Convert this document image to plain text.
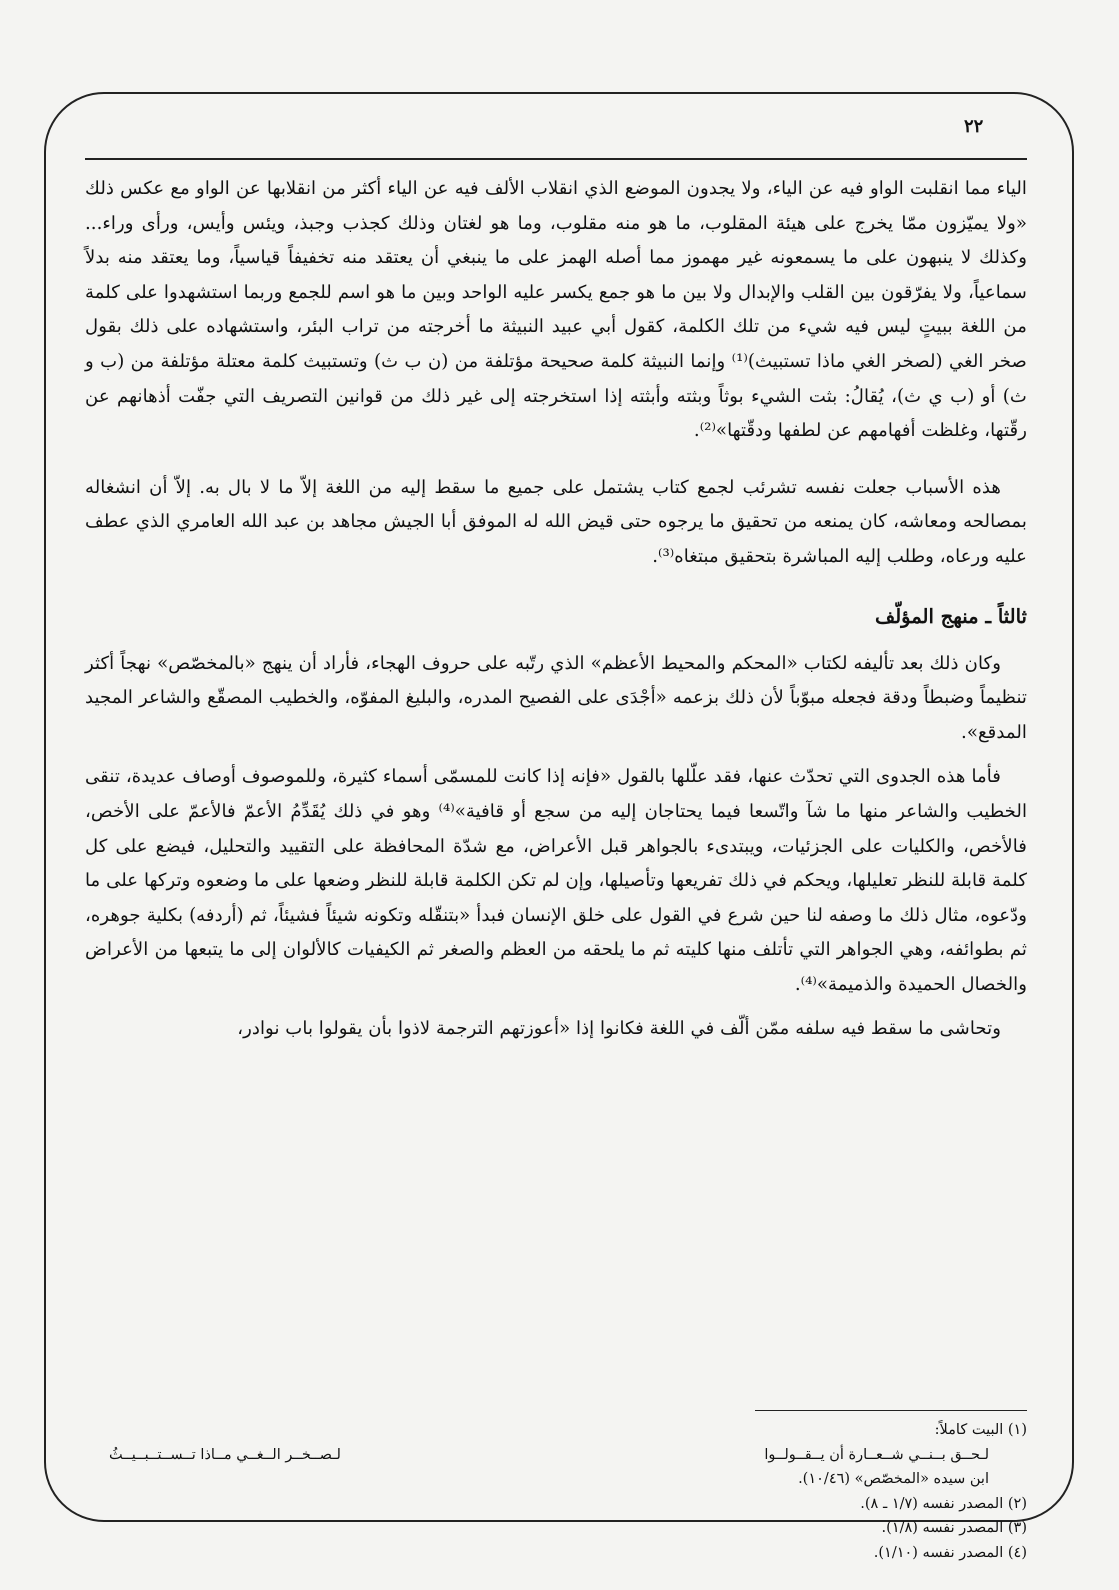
٢٢

الياء مما انقلبت الواو فيه عن الياء، ولا يجدون الموضع الذي انقلاب الألف فيه عن الياء أكثر من انقلابها عن الواو مع عكس ذلك «ولا يميّزون ممّا يخرج على هيئة المقلوب، ما هو منه مقلوب، وما هو لغتان وذلك كجذب وجبذ، ويئس وأيس، ورأى وراء... وكذلك لا ينبهون على ما يسمعونه غير مهموز مما أصله الهمز على ما ينبغي أن يعتقد منه تخفيفاً قياسياً، وما يعتقد منه بدلاً سماعياً، ولا يفرّقون بين القلب والإبدال ولا بين ما هو جمع يكسر عليه الواحد وبين ما هو اسم للجمع وربما استشهدوا على كلمة من اللغة ببيتٍ ليس فيه شيء من تلك الكلمة، كقول أبي عبيد النبيثة ما أخرجته من تراب البئر، واستشهاده على ذلك بقول صخر الغي (لصخر الغي ماذا تستبيث)⁽¹⁾ وإنما النبيثة كلمة صحيحة مؤتلفة من (ن ب ث) وتستبيث كلمة معتلة مؤتلفة من (ب و ث) أو (ب ي ث)، يُقالُ: بثت الشيء بوثاً وبثته وأبثته إذا استخرجته إلى غير ذلك من قوانين التصريف التي جفّت أذهانهم عن رقّتها، وغلظت أفهامهم عن لطفها ودقّتها»⁽²⁾.

هذه الأسباب جعلت نفسه تشرئب لجمع كتاب يشتمل على جميع ما سقط إليه من اللغة إلاّ ما لا بال به. إلاّ أن انشغاله بمصالحه ومعاشه، كان يمنعه من تحقيق ما يرجوه حتى قيض الله له الموفق أبا الجيش مجاهد بن عبد الله العامري الذي عطف عليه ورعاه، وطلب إليه المباشرة بتحقيق مبتغاه⁽³⁾.

ثالثاً ـ منهج المؤلّف

وكان ذلك بعد تأليفه لكتاب «المحكم والمحيط الأعظم» الذي رتّبه على حروف الهجاء، فأراد أن ينهج «بالمخصّص» نهجاً أكثر تنظيماً وضبطاً ودقة فجعله مبوّباً لأن ذلك بزعمه «أجْدَى على الفصيح المدره، والبليغ المفوّه، والخطيب المصقّع والشاعر المجيد المدقع».

فأما هذه الجدوى التي تحدّث عنها، فقد علّلها بالقول «فإنه إذا كانت للمسمّى أسماء كثيرة، وللموصوف أوصاف عديدة، تنقى الخطيب والشاعر منها ما شآ واتّسعا فيما يحتاجان إليه من سجع أو قافية»⁽⁴⁾ وهو في ذلك يُقَدِّمُ الأعمّ فالأعمّ على الأخص، فالأخص، والكليات على الجزئيات، ويبتدىء بالجواهر قبل الأعراض، مع شدّة المحافظة على التقييد والتحليل، فيضع على كل كلمة قابلة للنظر تعليلها، ويحكم في ذلك تفريعها وتأصيلها، وإن لم تكن الكلمة قابلة للنظر وضعها على ما وضعوه وتركها على ما ودّعوه، مثال ذلك ما وصفه لنا حين شرع في القول على خلق الإنسان فبدأ «بتنقّله وتكونه شيئاً فشيئاً، ثم (أردفه) بكلية جوهره، ثم بطوائفه، وهي الجواهر التي تأتلف منها كليته ثم ما يلحقه من العظم والصغر ثم الكيفيات كالألوان إلى ما يتبعها من الأعراض والخصال الحميدة والذميمة»⁽⁴⁾.

وتحاشى ما سقط فيه سلفه ممّن ألّف في اللغة فكانوا إذا «أعوزتهم الترجمة لاذوا بأن يقولوا باب نوادر،

(١) البيت كاملاً:

لـحــق بــنــي شــعــارة أن يــقــولــوا
لـصــخــر الــغــي مــاذا تــســتــبــيــثُ

ابن سيده «المخصّص» (١٠/٤٦).

(٢) المصدر نفسه (١/٧ ـ ٨).

(٣) المصدر نفسه (١/٨).

(٤) المصدر نفسه (١/١٠).
